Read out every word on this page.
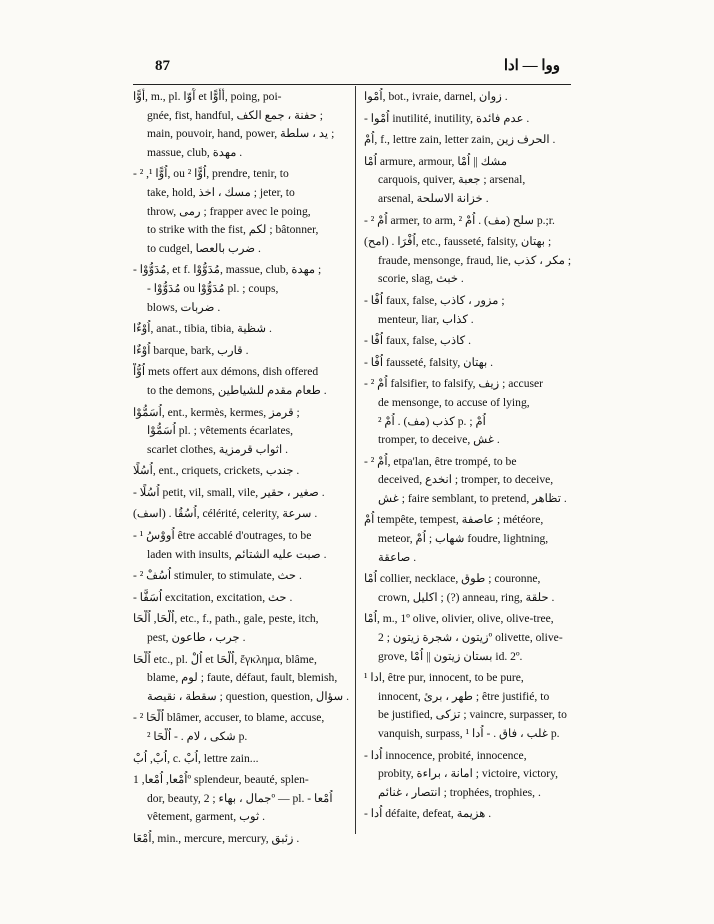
87	ووا — ادا
أُوًّا, m., pl. آُوّا et أَأُوًّا, poing, poi-
gnée, fist, handful, حفنة ، جمع الكف ;
main, pouvoir, hand, power, يد ، سلطة ;
massue, club, مهدة .
- اُوًّا ¹, ², ou اُوًّا ², prendre, tenir, to
take, hold, مسك ، اخذ ; jeter, to
throw, رمى ; frapper avec le poing,
to strike with the fist, لكم ; bâtonner,
to cudgel, ضرب بالعصا .
- مُدَوُّوْا, et f. مُدَوُّوْا, massue, club, مهدة ;
- مُدَوُّوْا ou مُدَوُّوْا pl. ; coups,
blows, ضربات .
اُوْءٌا, anat., tibia, tibia, شظية .
اُوْءٌا barque, bark, قارب .
اُوُّاْ mets offert aux démons, dish offered
to the demons, طعام مقدم للشياطين .
اُسَمُّوْا, ent., kermès, kermes, قرمز ;
اُسَمُّوْا pl. ; vêtements écarlates,
scarlet clothes, اثواب قرمزية .
اُسُلًا, ent., criquets, crickets, جندب .
- اُسُلًا petit, vil, small, vile, صغير ، حقير .
(اسف) . اُسُقُا, célérité, celerity, سرعة .
- اُووْسُ ¹ être accablé d'outrages, to be
laden with insults, صبت عليه الشتائم .
- اُسُفْ ² stimuler, to stimulate, حث .
- اُسَفًّا excitation, excitation, حث .
اُلْحَا, اُلْحَا, etc., f., path., gale, peste, itch,
pest, جرب ، طاعون .
اُلْحَا etc., pl. اُلْ et اُلْحَا, ἔγκλημα, blâme,
blame, لوم ; faute, défaut, fault, blemish,
سقطة ، نقيصة ; question, question, سؤال .
- اُلْحَا ² blâmer, accuser, to blame, accuse,
شكى ، لام . - اُلْحَا ² p.
اُبْ, اُبْ, c. اُبْ, lettre zain...
اُمْعا, اُمْعا, 1º splendeur, beauté, splen-
dor, beauty, جمال ، بهاء ; 2º — pl. - اُمْعا
vêtement, garment, ثوب .
اُمْعَا, min., mercure, mercury, زئبق .
اُمْوا, bot., ivraie, darnel, زوان .
- اُمْوا inutilité, inutility, عدم فائدة .
اُمْ, f., lettre zain, letter zain, الحرف زين .
اُمْا armure, armour, مشك || اُمْا
carquois, quiver, جعبة ; arsenal,
arsenal, خزانة الاسلحة .
- اُمْ ² armer, to arm, سلح (مف) . اُمْ ² p.;r.
(امح) . اُفْرَا, etc., fausseté, falsity, بهتان ;
fraude, mensonge, fraud, lie, مكر ، كذب ;
scorie, slag, خبث .
- اُفْا faux, false, مزور ، كاذب ;
menteur, liar, كذاب .
- اُفْا faux, false, كاذب .
- اُفْا fausseté, falsity, بهتان .
- اُمْ ² falsifier, to falsify, زيف ; accuser
de mensonge, to accuse of lying,
كذب (مف) . اُمْ ² p. ; اُمْ
tromper, to deceive, غش .
- اُمْ ², etpa'lan, être trompé, to be
deceived, انخدع ; tromper, to deceive,
غش ; faire semblant, to pretend, تظاهر .
اُمْ tempête, tempest, عاصفة ; météore,
meteor, شهاب ; اُمْ foudre, lightning,
صاعقة .
اُمْا collier, necklace, طوق ; couronne,
crown, اكليل ; (?) anneau, ring, حلقة .
اُمْا, m., 1º olive, olivier, olive, olive-tree,
زيتون ، شجرة زيتون ; 2º olivette, olive-
grove, بستان زيتون || اُمْا id. 2º.
ادا ¹, être pur, innocent, to be pure,
innocent, طهر ، برئ ; être justifié, to
be justified, تزكى ; vaincre, surpasser, to
vanquish, surpass, غلب ، فاق . - اُدا ¹ p.
- اُدا innocence, probité, innocence,
probity, امانة ، براءة ; victoire, victory,
انتصار ، غنائم ; trophées, trophies, .
- اُدا défaite, defeat, هزيمة .
